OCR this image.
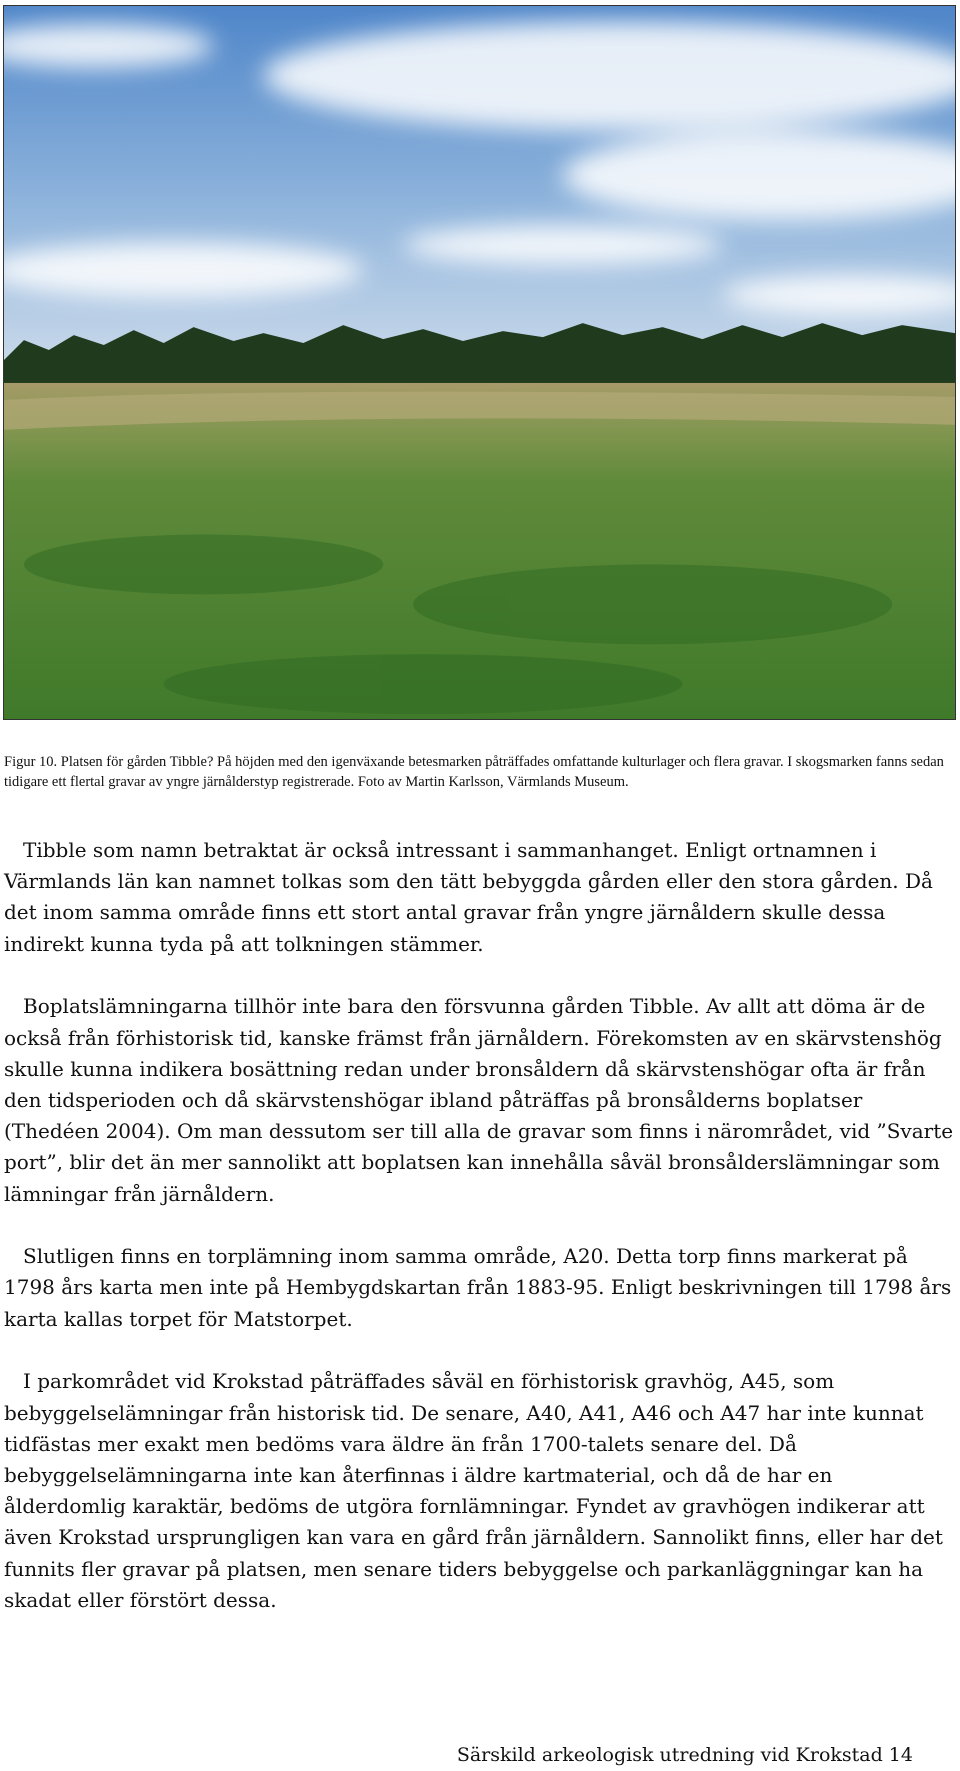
Figur 10. Platsen för gården Tibble? På höjden med den igenväxande betesmarken påträffades omfattande kulturlager och flera gravar. I skogsmarken fanns sedan tidigare ett flertal gravar av yngre järnålderstyp registrerade. Foto av Martin Karlsson, Värmlands Museum.

Tibble som namn betraktat är också intressant i sammanhanget. Enligt ortnamnen i Värmlands län kan namnet tolkas som den tätt bebyggda gården eller den stora gården. Då det inom samma område finns ett stort antal gravar från yngre järnåldern skulle dessa indirekt kunna tyda på att tolkningen stämmer.

Boplatslämningarna tillhör inte bara den försvunna gården Tibble. Av allt att döma är de också från förhistorisk tid, kanske främst från järnåldern. Förekomsten av en skärvstenshög skulle kunna indikera bosättning redan under bronsåldern då skärvstenshögar ofta är från den tidsperioden och då skärvstenshögar ibland påträffas på bronsålderns boplatser (Thedéen 2004). Om man dessutom ser till alla de gravar som finns i närområdet, vid ”Svarte port”, blir det än mer sannolikt att boplatsen kan innehålla såväl bronsålderslämningar som lämningar från järnåldern.

Slutligen finns en torplämning inom samma område, A20. Detta torp finns markerat på 1798 års karta men inte på Hembygdskartan från 1883-95. Enligt beskrivningen till 1798 års karta kallas torpet för Matstorpet.

I parkområdet vid Krokstad påträffades såväl en förhistorisk gravhög, A45, som bebyggelselämningar från historisk tid. De senare, A40, A41, A46 och A47 har inte kunnat tidfästas mer exakt men bedöms vara äldre än från 1700-talets senare del. Då bebyggelselämningarna inte kan återfinnas i äldre kartmaterial, och då de har en ålderdomlig karaktär, bedöms de utgöra fornlämningar. Fyndet av gravhögen indikerar att även Krokstad ursprungligen kan vara en gård från järnåldern. Sannolikt finns, eller har det funnits fler gravar på platsen, men senare tiders bebyggelse och parkanläggningar kan ha skadat eller förstört dessa.

Särskild arkeologisk utredning vid Krokstad 14
